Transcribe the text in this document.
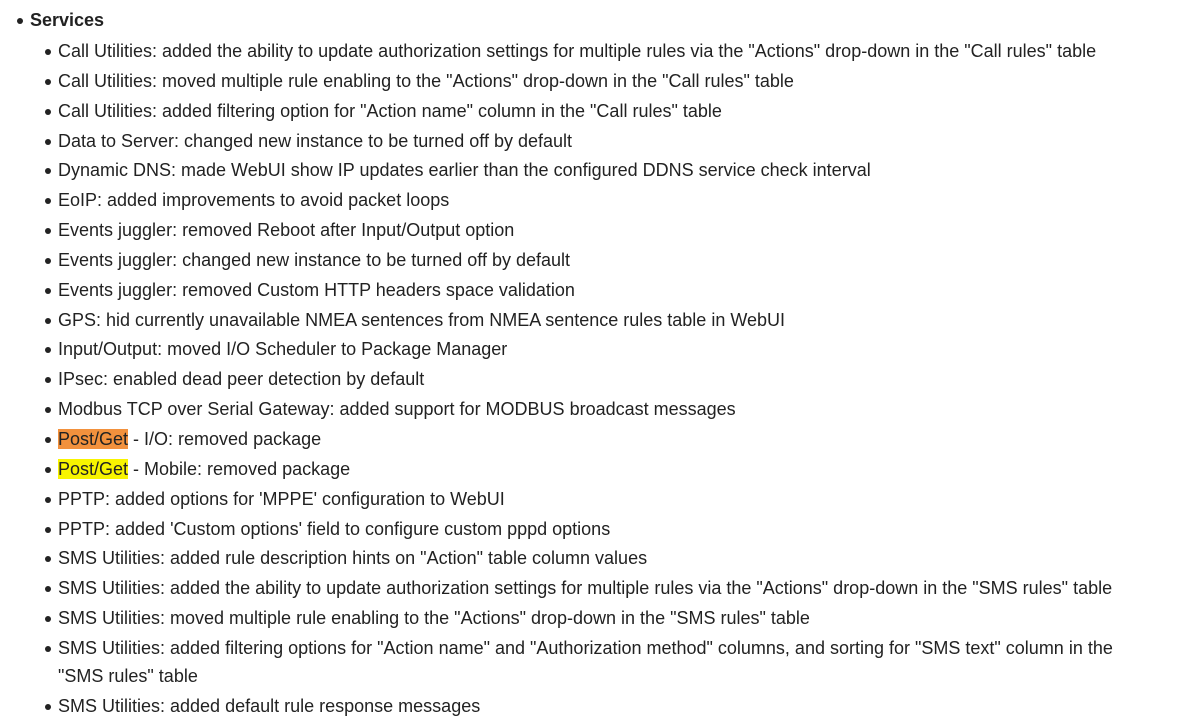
Services
Call Utilities: added the ability to update authorization settings for multiple rules via the "Actions" drop-down in the "Call rules" table
Call Utilities: moved multiple rule enabling to the "Actions" drop-down in the "Call rules" table
Call Utilities: added filtering option for "Action name" column in the "Call rules" table
Data to Server: changed new instance to be turned off by default
Dynamic DNS: made WebUI show IP updates earlier than the configured DDNS service check interval
EoIP: added improvements to avoid packet loops
Events juggler: removed Reboot after Input/Output option
Events juggler: changed new instance to be turned off by default
Events juggler: removed Custom HTTP headers space validation
GPS: hid currently unavailable NMEA sentences from NMEA sentence rules table in WebUI
Input/Output: moved I/O Scheduler to Package Manager
IPsec: enabled dead peer detection by default
Modbus TCP over Serial Gateway: added support for MODBUS broadcast messages
Post/Get - I/O: removed package
Post/Get - Mobile: removed package
PPTP: added options for 'MPPE' configuration to WebUI
PPTP: added 'Custom options' field to configure custom pppd options
SMS Utilities: added rule description hints on "Action" table column values
SMS Utilities: added the ability to update authorization settings for multiple rules via the "Actions" drop-down in the "SMS rules" table
SMS Utilities: moved multiple rule enabling to the "Actions" drop-down in the "SMS rules" table
SMS Utilities: added filtering options for "Action name" and "Authorization method" columns, and sorting for "SMS text" column in the "SMS rules" table
SMS Utilities: added default rule response messages
